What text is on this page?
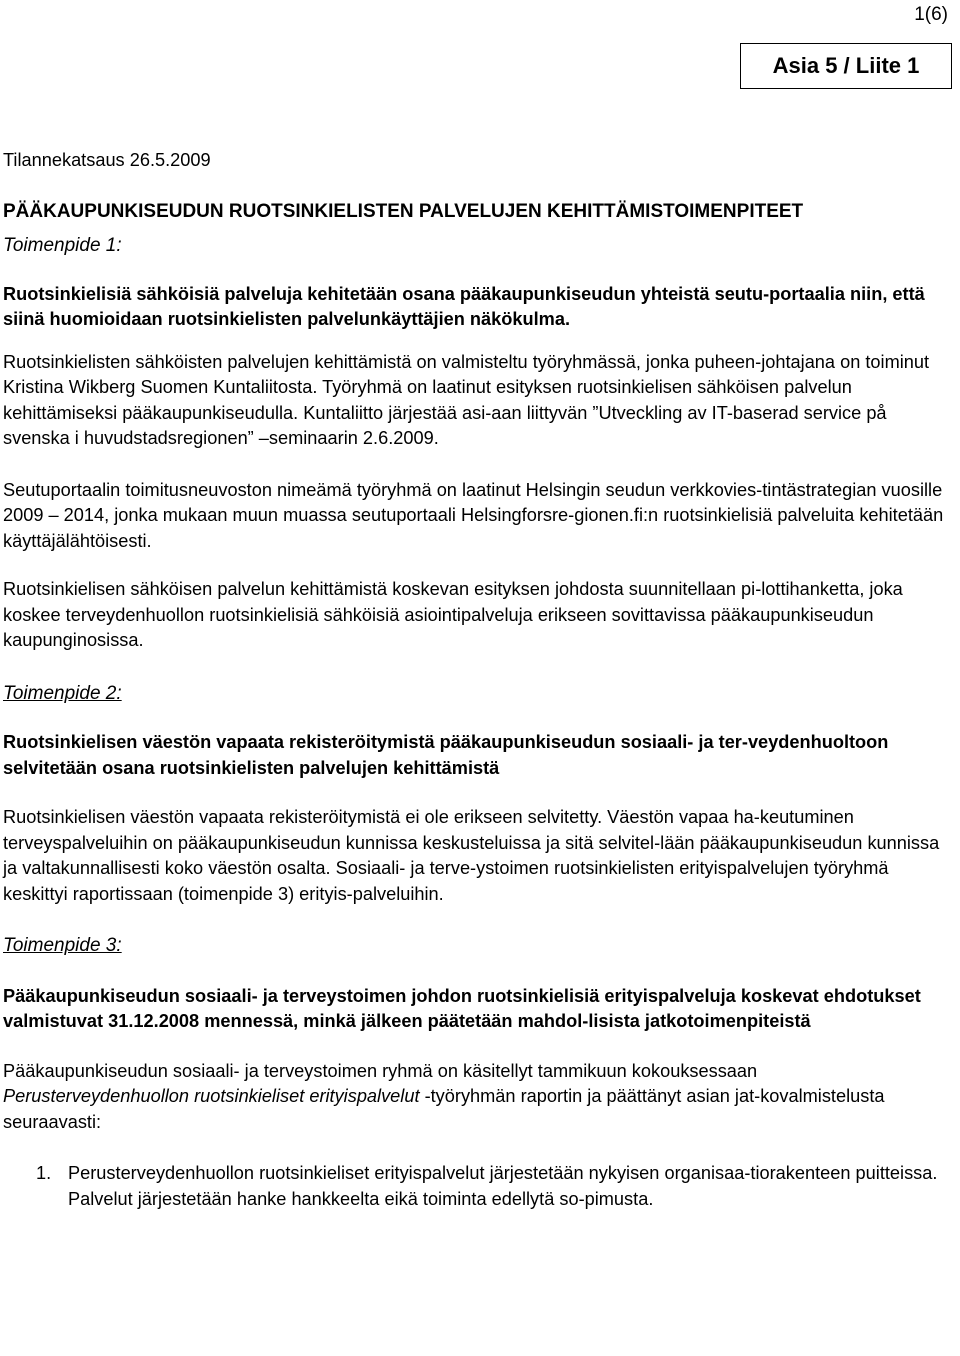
1(6)
Asia 5 / Liite 1

Tilannekatsaus 26.5.2009

PÄÄKAUPUNKISEUDUN RUOTSINKIELISTEN PALVELUJEN KEHITTÄMISTOIMENPITEET

Toimenpide 1:

Ruotsinkielisiä sähköisiä palveluja kehitetään osana pääkaupunkiseudun yhteistä seutu-portaalia niin, että siinä huomioidaan ruotsinkielisten palvelunkäyttäjien näkökulma.

Ruotsinkielisten sähköisten palvelujen kehittämistä on valmisteltu työryhmässä, jonka puheen-johtajana on toiminut Kristina Wikberg Suomen Kuntaliitosta. Työryhmä on laatinut esityksen ruotsinkielisen sähköisen palvelun kehittämiseksi pääkaupunkiseudulla. Kuntaliitto järjestää asi-aan liittyvän ”Utveckling av IT-baserad service på svenska i huvudstadsregionen” –seminaarin 2.6.2009.

Seutuportaalin toimitusneuvoston nimeämä työryhmä on laatinut Helsingin seudun verkkovies-tintästrategian vuosille 2009 – 2014, jonka mukaan muun muassa seutuportaali Helsingforsre-gionen.fi:n ruotsinkielisiä palveluita kehitetään käyttäjälähtöisesti.

Ruotsinkielisen sähköisen palvelun kehittämistä koskevan esityksen johdosta suunnitellaan pi-lottihanketta, joka koskee terveydenhuollon ruotsinkielisiä sähköisiä asiointipalveluja erikseen sovittavissa pääkaupunkiseudun kaupunginosissa.

Toimenpide 2:

Ruotsinkielisen väestön vapaata rekisteröitymistä pääkaupunkiseudun sosiaali- ja ter-veydenhuoltoon selvitetään osana ruotsinkielisten palvelujen kehittämistä

Ruotsinkielisen väestön vapaata rekisteröitymistä ei ole erikseen selvitetty. Väestön vapaa ha-keutuminen terveyspalveluihin on pääkaupunkiseudun kunnissa keskusteluissa ja sitä selvitel-lään pääkaupunkiseudun kunnissa ja valtakunnallisesti koko väestön osalta. Sosiaali- ja terve-ystoimen ruotsinkielisten erityispalvelujen työryhmä keskittyi raportissaan (toimenpide 3) erityis-palveluihin.

Toimenpide 3:

Pääkaupunkiseudun sosiaali- ja terveystoimen johdon ruotsinkielisiä erityispalveluja koskevat ehdotukset valmistuvat 31.12.2008 mennessä, minkä jälkeen päätetään mahdol-lisista jatkotoimenpiteistä

Pääkaupunkiseudun sosiaali- ja terveystoimen ryhmä on käsitellyt tammikuun kokouksessaan Perusterveydenhuollon ruotsinkieliset erityispalvelut -työryhmän raportin ja päättänyt asian jat-kovalmistelusta seuraavasti:

1. Perusterveydenhuollon ruotsinkieliset erityispalvelut järjestetään nykyisen organisaa-tiorakenteen puitteissa. Palvelut järjestetään hanke hankkeelta eikä toiminta edellytä so-pimusta.
